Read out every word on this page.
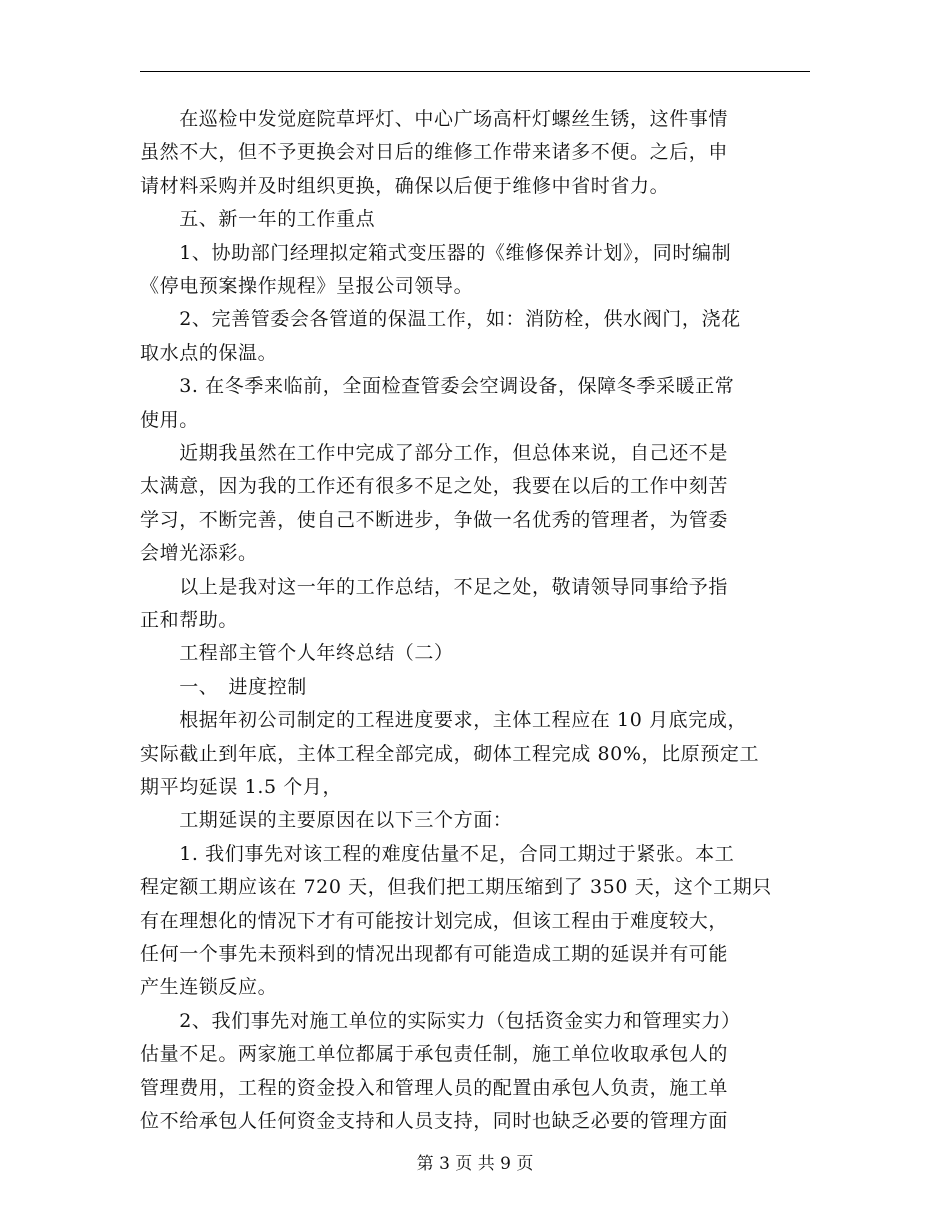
　　在巡检中发觉庭院草坪灯、中心广场高杆灯螺丝生锈，这件事情
虽然不大，但不予更换会对日后的维修工作带来诸多不便。之后，申
请材料采购并及时组织更换，确保以后便于维修中省时省力。
　　五、新一年的工作重点
　　1、协助部门经理拟定箱式变压器的《维修保养计划》，同时编制
《停电预案操作规程》呈报公司领导。
　　2、完善管委会各管道的保温工作，如：消防栓，供水阀门，浇花
取水点的保温。
　　3. 在冬季来临前，全面检查管委会空调设备，保障冬季采暖正常
使用。
　　近期我虽然在工作中完成了部分工作，但总体来说，自己还不是
太满意，因为我的工作还有很多不足之处，我要在以后的工作中刻苦
学习，不断完善，使自己不断进步，争做一名优秀的管理者，为管委
会增光添彩。
　　以上是我对这一年的工作总结，不足之处，敬请领导同事给予指
正和帮助。
　　工程部主管个人年终总结（二）
　　一、　进度控制
　　根据年初公司制定的工程进度要求，主体工程应在 10 月底完成，
实际截止到年底，主体工程全部完成，砌体工程完成 80%，比原预定工
期平均延误 1.5 个月，
　　工期延误的主要原因在以下三个方面：
　　1. 我们事先对该工程的难度估量不足，合同工期过于紧张。本工
程定额工期应该在 720 天，但我们把工期压缩到了 350 天，这个工期只
有在理想化的情况下才有可能按计划完成，但该工程由于难度较大，
任何一个事先未预料到的情况出现都有可能造成工期的延误并有可能
产生连锁反应。
　　2、我们事先对施工单位的实际实力（包括资金实力和管理实力）
估量不足。两家施工单位都属于承包责任制，施工单位收取承包人的
管理费用，工程的资金投入和管理人员的配置由承包人负责，施工单
位不给承包人任何资金支持和人员支持，同时也缺乏必要的管理方面
第 3 页 共 9 页
